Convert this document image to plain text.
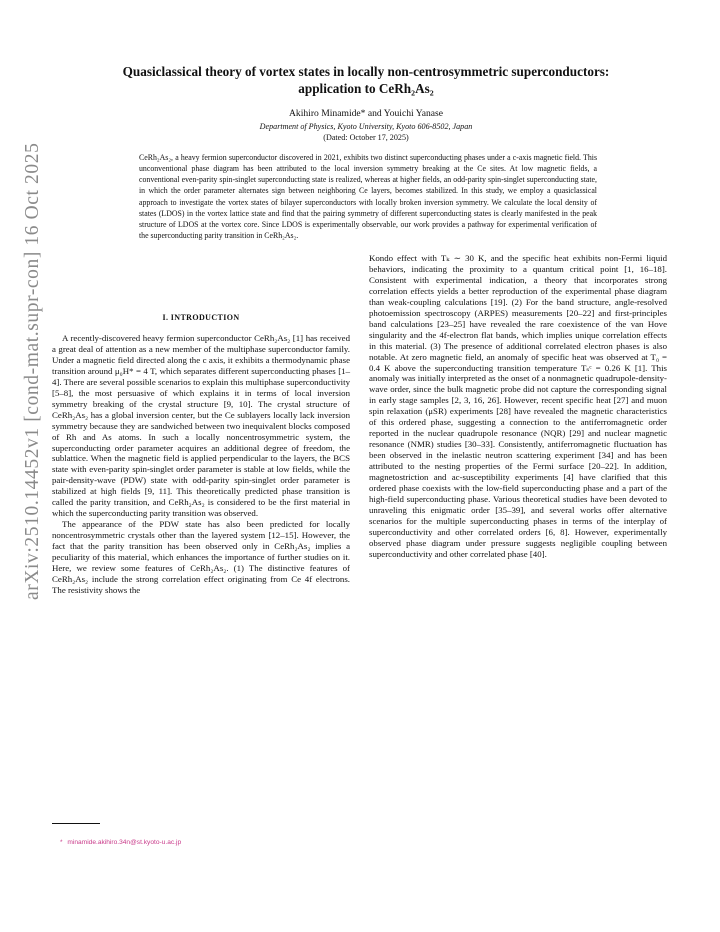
arXiv:2510.14452v1 [cond-mat.supr-con] 16 Oct 2025
Quasiclassical theory of vortex states in locally non-centrosymmetric superconductors:
application to CeRh₂As₂
Akihiro Minamide* and Youichi Yanase
Department of Physics, Kyoto University, Kyoto 606-8502, Japan
(Dated: October 17, 2025)

CeRh₂As₂, a heavy fermion superconductor discovered in 2021, exhibits two distinct superconducting phases under a c-axis magnetic field. This unconventional phase diagram has been attributed to the local inversion symmetry breaking at the Ce sites. At low magnetic fields, a conventional even-parity spin-singlet superconducting state is realized, whereas at higher fields, an odd-parity spin-singlet superconducting state, in which the order parameter alternates sign between neighboring Ce layers, becomes stabilized. In this study, we employ a quasiclassical approach to investigate the vortex states of bilayer superconductors with locally broken inversion symmetry. We calculate the local density of states (LDOS) in the vortex lattice state and find that the pairing symmetry of different superconducting states is clearly manifested in the peak structure of LDOS at the vortex core. Since LDOS is experimentally observable, our work provides a pathway for experimental verification of the superconducting parity transition in CeRh₂As₂.

I. INTRODUCTION

A recently-discovered heavy fermion superconductor CeRh₂As₂ [1] has received a great deal of attention as a new member of the multiphase superconductor family. Under a magnetic field directed along the c axis, it exhibits a thermodynamic phase transition around μ₀H* = 4 T, which separates different superconducting phases [1–4]. There are several possible scenarios to explain this multiphase superconductivity [5–8], the most persuasive of which explains it in terms of local inversion symmetry breaking of the crystal structure [9, 10]. The crystal structure of CeRh₂As₂ has a global inversion center, but the Ce sublayers locally lack inversion symmetry because they are sandwiched between two inequivalent blocks composed of Rh and As atoms. In such a locally noncentrosymmetric system, the superconducting order parameter acquires an additional degree of freedom, the sublattice. When the magnetic field is applied perpendicular to the layers, the BCS state with even-parity spin-singlet order parameter is stable at low fields, while the pair-density-wave (PDW) state with odd-parity spin-singlet order parameter is stabilized at high fields [9, 11]. This theoretically predicted phase transition is called the parity transition, and CeRh₂As₂ is considered to be the first material in which the superconducting parity transition was observed.

The appearance of the PDW state has also been predicted for locally noncentrosymmetric crystals other than the layered system [12–15]. However, the fact that the parity transition has been observed only in CeRh₂As₂ implies a peculiarity of this material, which enhances the importance of further studies on it. Here, we review some features of CeRh₂As₂. (1) The distinctive features of CeRh₂As₂ include the strong correlation effect originating from Ce 4f electrons. The resistivity shows the

Kondo effect with Tₖ ∼ 30 K, and the specific heat exhibits non-Fermi liquid behaviors, indicating the proximity to a quantum critical point [1, 16–18]. Consistent with experimental indication, a theory that incorporates strong correlation effects yields a better reproduction of the experimental phase diagram than weak-coupling calculations [19]. (2) For the band structure, angle-resolved photoemission spectroscopy (ARPES) measurements [20–22] and first-principles band calculations [23–25] have revealed the rare coexistence of the van Hove singularity and the 4f-electron flat bands, which implies unique correlation effects in this material. (3) The presence of additional correlated electron phases is also notable. At zero magnetic field, an anomaly of specific heat was observed at T₀ = 0.4 K above the superconducting transition temperature Tₛᶜ = 0.26 K [1]. This anomaly was initially interpreted as the onset of a nonmagnetic quadrupole-density-wave order, since the bulk magnetic probe did not capture the corresponding signal in early stage samples [2, 3, 16, 26]. However, recent specific heat [27] and muon spin relaxation (μSR) experiments [28] have revealed the magnetic characteristics of this ordered phase, suggesting a connection to the antiferromagnetic order reported in the nuclear quadrupole resonance (NQR) [29] and nuclear magnetic resonance (NMR) studies [30–33]. Consistently, antiferromagnetic fluctuation has been observed in the inelastic neutron scattering experiment [34] and has been attributed to the nesting properties of the Fermi surface [20–22]. In addition, magnetostriction and ac-susceptibility experiments [4] have clarified that this ordered phase coexists with the low-field superconducting phase and a part of the high-field superconducting phase. Various theoretical studies have been devoted to unraveling this enigmatic order [35–39], and several works offer alternative scenarios for the multiple superconducting phases in terms of the interplay of superconductivity and other correlated orders [6, 8]. However, experimentally observed phase diagram under pressure suggests negligible coupling between superconductivity and other correlated phase [40].

* minamide.akihiro.34n@st.kyoto-u.ac.jp
